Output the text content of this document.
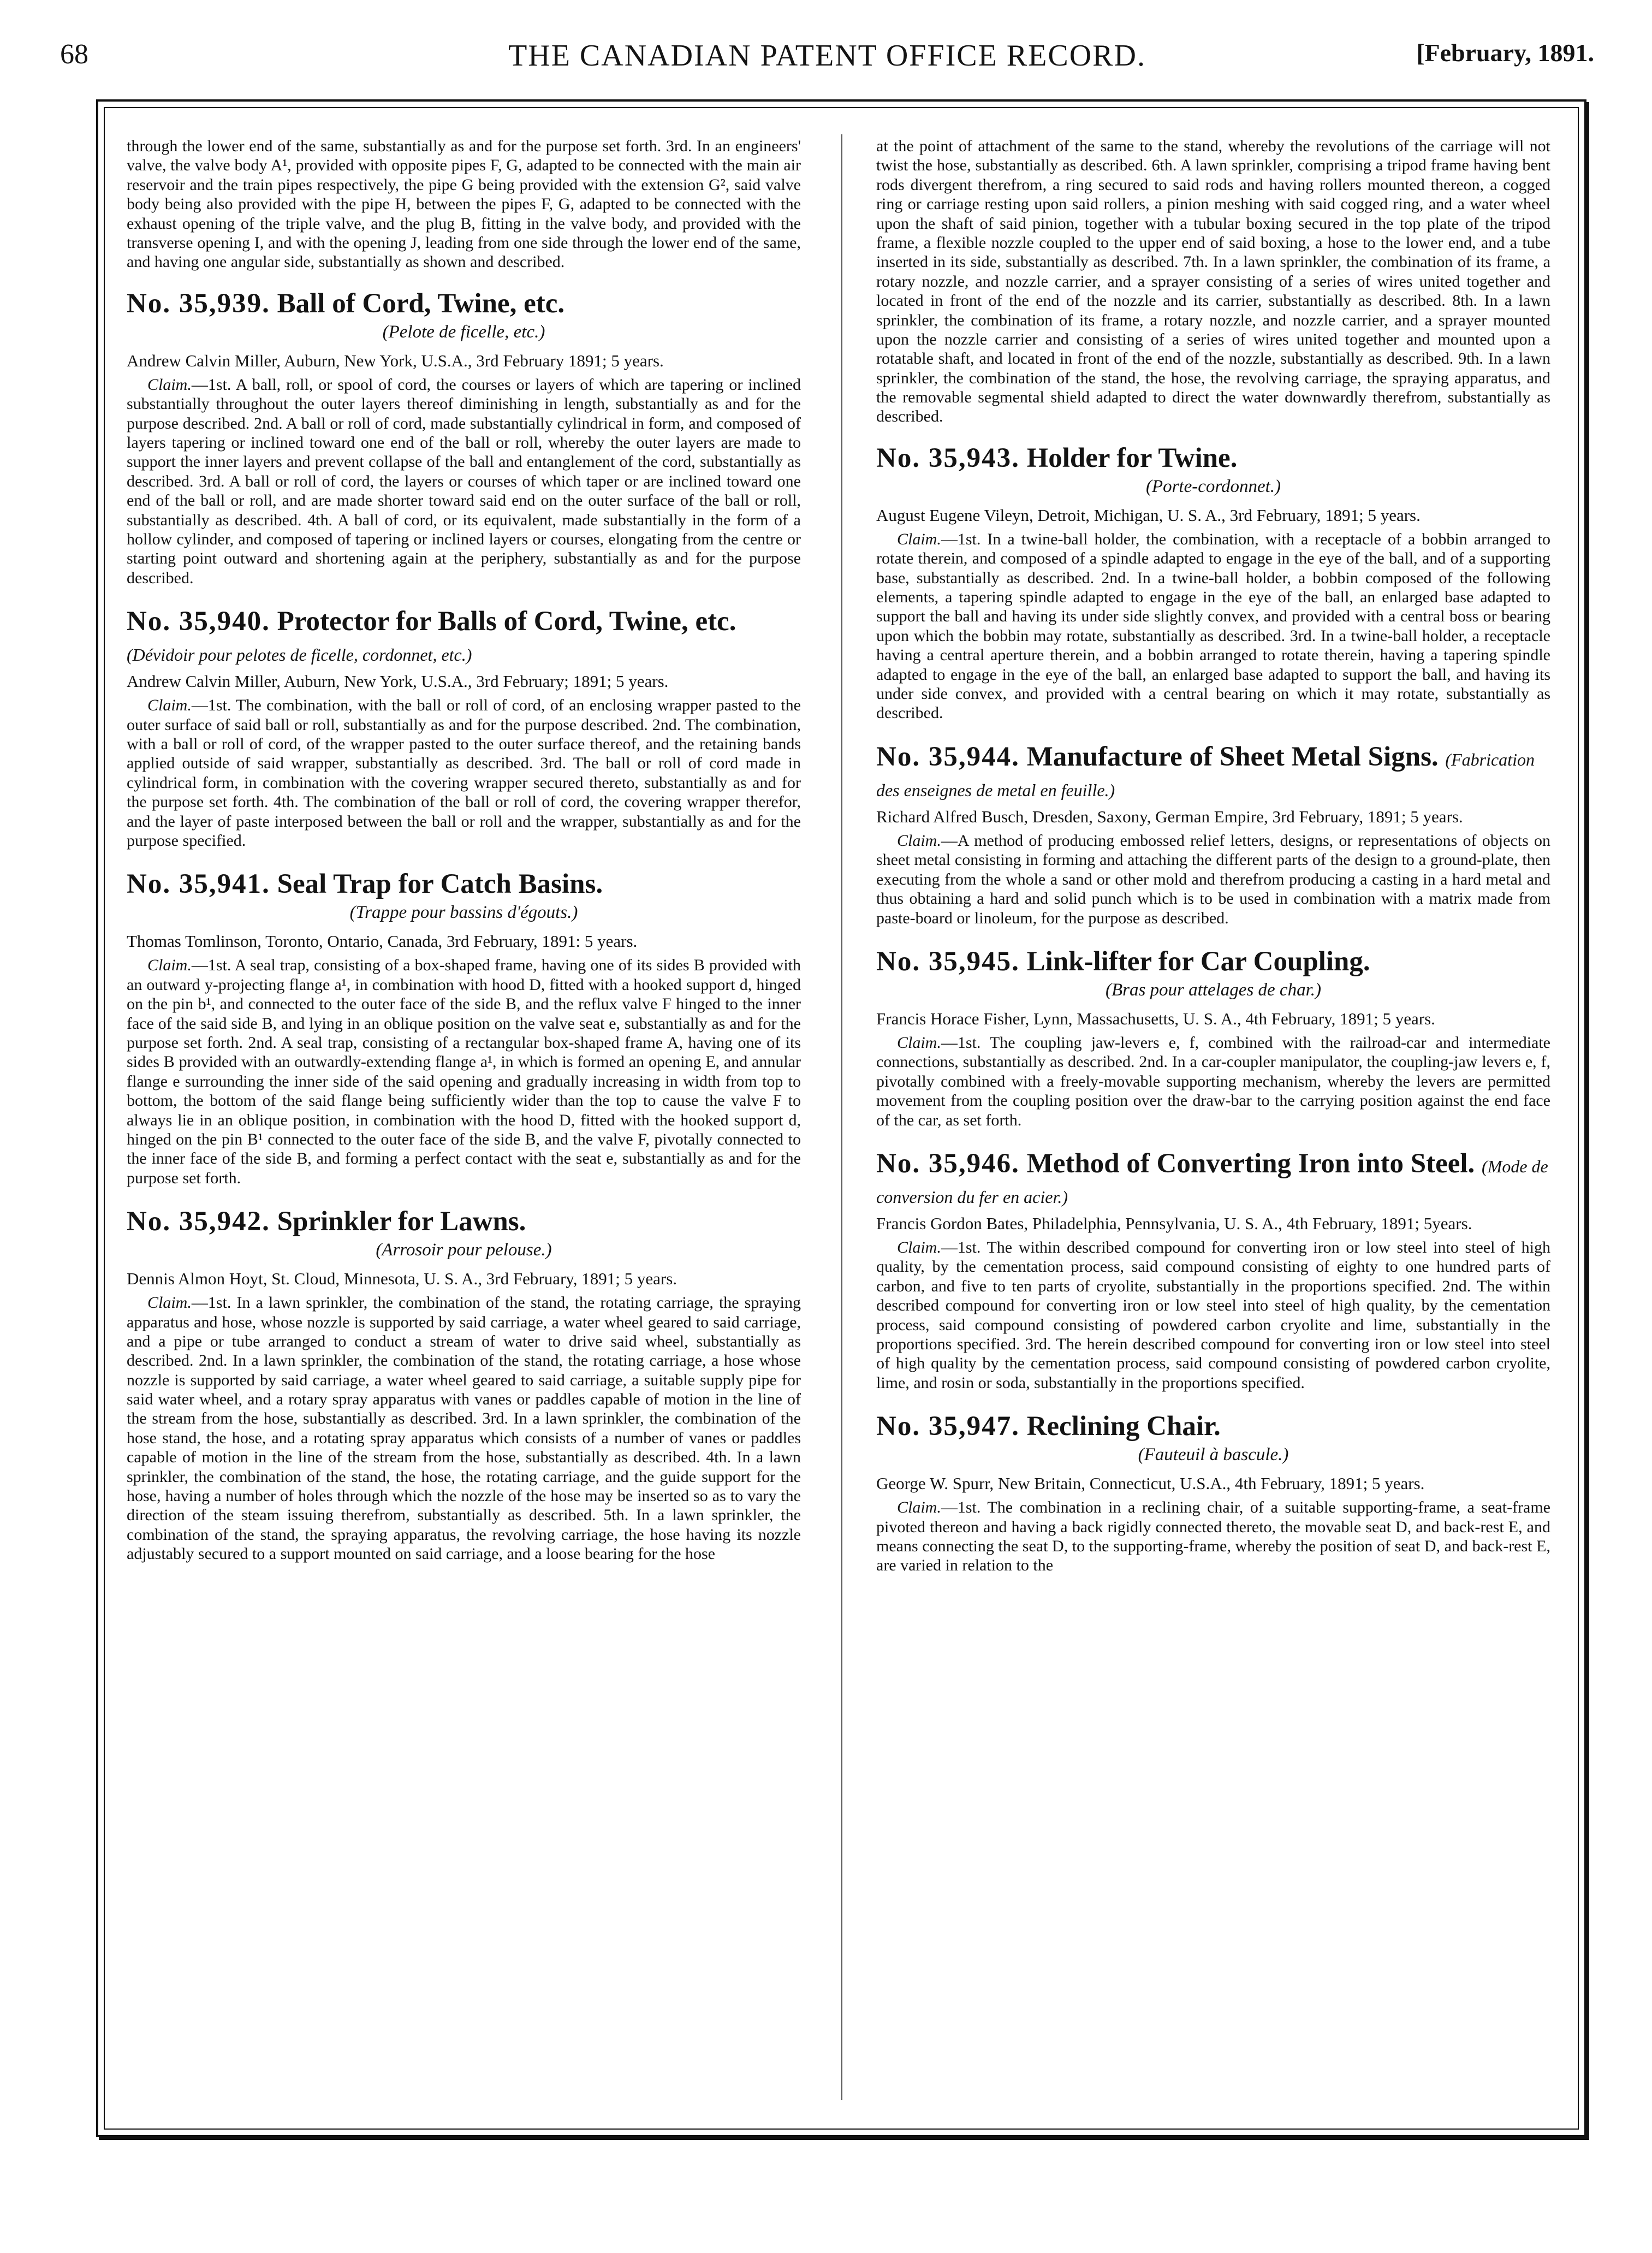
68	THE CANADIAN PATENT OFFICE RECORD.	[February, 1891.

through the lower end of the same, substantially as and for the purpose set forth. 3rd. In an engineers' valve, the valve body A¹, provided with opposite pipes F, G, adapted to be connected with the main air reservoir and the train pipes respectively, the pipe G being provided with the extension G², said valve body being also provided with the pipe H, between the pipes F, G, adapted to be connected with the exhaust opening of the triple valve, and the plug B, fitting in the valve body, and provided with the transverse opening I, and with the opening J, leading from one side through the lower end of the same, and having one angular side, substantially as shown and described.

No. 35,939. Ball of Cord, Twine, etc.
(Pelote de ficelle, etc.)

Andrew Calvin Miller, Auburn, New York, U.S.A., 3rd February 1891; 5 years.

Claim.—1st. A ball, roll, or spool of cord, the courses or layers of which are tapering or inclined substantially throughout the outer layers thereof diminishing in length, substantially as and for the purpose described. 2nd. A ball or roll of cord, made substantially cylindrical in form, and composed of layers tapering or inclined toward one end of the ball or roll, whereby the outer layers are made to support the inner layers and prevent collapse of the ball and entanglement of the cord, substantially as described. 3rd. A ball or roll of cord, the layers or courses of which taper or are inclined toward one end of the ball or roll, and are made shorter toward said end on the outer surface of the ball or roll, substantially as described. 4th. A ball of cord, or its equivalent, made substantially in the form of a hollow cylinder, and composed of tapering or inclined layers or courses, elongating from the centre or starting point outward and shortening again at the periphery, substantially as and for the purpose described.

No. 35,940. Protector for Balls of Cord, Twine, etc. (Dévidoir pour pelotes de ficelle, cordonnet, etc.)

Andrew Calvin Miller, Auburn, New York, U.S.A., 3rd February; 1891; 5 years.

Claim.—1st. The combination, with the ball or roll of cord, of an enclosing wrapper pasted to the outer surface of said ball or roll, substantially as and for the purpose described. 2nd. The combination, with a ball or roll of cord, of the wrapper pasted to the outer surface thereof, and the retaining bands applied outside of said wrapper, substantially as described. 3rd. The ball or roll of cord made in cylindrical form, in combination with the covering wrapper secured thereto, substantially as and for the purpose set forth. 4th. The combination of the ball or roll of cord, the covering wrapper therefor, and the layer of paste interposed between the ball or roll and the wrapper, substantially as and for the purpose specified.

No. 35,941. Seal Trap for Catch Basins.
(Trappe pour bassins d'égouts.)

Thomas Tomlinson, Toronto, Ontario, Canada, 3rd February, 1891: 5 years.

Claim.—1st. A seal trap, consisting of a box-shaped frame, having one of its sides B provided with an outward y-projecting flange a¹, in combination with hood D, fitted with a hooked support d, hinged on the pin b¹, and connected to the outer face of the side B, and the reflux valve F hinged to the inner face of the said side B, and lying in an oblique position on the valve seat e, substantially as and for the purpose set forth. 2nd. A seal trap, consisting of a rectangular box-shaped frame A, having one of its sides B provided with an outwardly-extending flange a¹, in which is formed an opening E, and annular flange e surrounding the inner side of the said opening and gradually increasing in width from top to bottom, the bottom of the said flange being sufficiently wider than the top to cause the valve F to always lie in an oblique position, in combination with the hood D, fitted with the hooked support d, hinged on the pin B¹ connected to the outer face of the side B, and the valve F, pivotally connected to the inner face of the side B, and forming a perfect contact with the seat e, substantially as and for the purpose set forth.

No. 35,942. Sprinkler for Lawns.
(Arrosoir pour pelouse.)

Dennis Almon Hoyt, St. Cloud, Minnesota, U. S. A., 3rd February, 1891; 5 years.

Claim.—1st. In a lawn sprinkler, the combination of the stand, the rotating carriage, the spraying apparatus and hose, whose nozzle is supported by said carriage, a water wheel geared to said carriage, and a pipe or tube arranged to conduct a stream of water to drive said wheel, substantially as described. 2nd. In a lawn sprinkler, the combination of the stand, the rotating carriage, a hose whose nozzle is supported by said carriage, a water wheel geared to said carriage, a suitable supply pipe for said water wheel, and a rotary spray apparatus with vanes or paddles capable of motion in the line of the stream from the hose, substantially as described. 3rd. In a lawn sprinkler, the combination of the hose stand, the hose, and a rotating spray apparatus which consists of a number of vanes or paddles capable of motion in the line of the stream from the hose, substantially as described. 4th. In a lawn sprinkler, the combination of the stand, the hose, the rotating carriage, and the guide support for the hose, having a number of holes through which the nozzle of the hose may be inserted so as to vary the direction of the steam issuing therefrom, substantially as described. 5th. In a lawn sprinkler, the combination of the stand, the spraying apparatus, the revolving carriage, the hose having its nozzle adjustably secured to a support mounted on said carriage, and a loose bearing for the hose

at the point of attachment of the same to the stand, whereby the revolutions of the carriage will not twist the hose, substantially as described. 6th. A lawn sprinkler, comprising a tripod frame having bent rods divergent therefrom, a ring secured to said rods and having rollers mounted thereon, a cogged ring or carriage resting upon said rollers, a pinion meshing with said cogged ring, and a water wheel upon the shaft of said pinion, together with a tubular boxing secured in the top plate of the tripod frame, a flexible nozzle coupled to the upper end of said boxing, a hose to the lower end, and a tube inserted in its side, substantially as described. 7th. In a lawn sprinkler, the combination of its frame, a rotary nozzle, and nozzle carrier, and a sprayer consisting of a series of wires united together and located in front of the end of the nozzle and its carrier, substantially as described. 8th. In a lawn sprinkler, the combination of its frame, a rotary nozzle, and nozzle carrier, and a sprayer mounted upon the nozzle carrier and consisting of a series of wires united together and mounted upon a rotatable shaft, and located in front of the end of the nozzle, substantially as described. 9th. In a lawn sprinkler, the combination of the stand, the hose, the revolving carriage, the spraying apparatus, and the removable segmental shield adapted to direct the water downwardly therefrom, substantially as described.

No. 35,943. Holder for Twine.
(Porte-cordonnet.)

August Eugene Vileyn, Detroit, Michigan, U. S. A., 3rd February, 1891; 5 years.

Claim.—1st. In a twine-ball holder, the combination, with a receptacle of a bobbin arranged to rotate therein, and composed of a spindle adapted to engage in the eye of the ball, and of a supporting base, substantially as described. 2nd. In a twine-ball holder, a bobbin composed of the following elements, a tapering spindle adapted to engage in the eye of the ball, an enlarged base adapted to support the ball and having its under side slightly convex, and provided with a central boss or bearing upon which the bobbin may rotate, substantially as described. 3rd. In a twine-ball holder, a receptacle having a central aperture therein, and a bobbin arranged to rotate therein, having a tapering spindle adapted to engage in the eye of the ball, an enlarged base adapted to support the ball, and having its under side convex, and provided with a central bearing on which it may rotate, substantially as described.

No. 35,944. Manufacture of Sheet Metal Signs. (Fabrication des enseignes de metal en feuille.)

Richard Alfred Busch, Dresden, Saxony, German Empire, 3rd February, 1891; 5 years.

Claim.—A method of producing embossed relief letters, designs, or representations of objects on sheet metal consisting in forming and attaching the different parts of the design to a ground-plate, then executing from the whole a sand or other mold and therefrom producing a casting in a hard metal and thus obtaining a hard and solid punch which is to be used in combination with a matrix made from paste-board or linoleum, for the purpose as described.

No. 35,945. Link-lifter for Car Coupling.
(Bras pour attelages de char.)

Francis Horace Fisher, Lynn, Massachusetts, U. S. A., 4th February, 1891; 5 years.

Claim.—1st. The coupling jaw-levers e, f, combined with the railroad-car and intermediate connections, substantially as described. 2nd. In a car-coupler manipulator, the coupling-jaw levers e, f, pivotally combined with a freely-movable supporting mechanism, whereby the levers are permitted movement from the coupling position over the draw-bar to the carrying position against the end face of the car, as set forth.

No. 35,946. Method of Converting Iron into Steel. (Mode de conversion du fer en acier.)

Francis Gordon Bates, Philadelphia, Pennsylvania, U. S. A., 4th February, 1891; 5years.

Claim.—1st. The within described compound for converting iron or low steel into steel of high quality, by the cementation process, said compound consisting of eighty to one hundred parts of carbon, and five to ten parts of cryolite, substantially in the proportions specified. 2nd. The within described compound for converting iron or low steel into steel of high quality, by the cementation process, said compound consisting of powdered carbon cryolite and lime, substantially in the proportions specified. 3rd. The herein described compound for converting iron or low steel into steel of high quality by the cementation process, said compound consisting of powdered carbon cryolite, lime, and rosin or soda, substantially in the proportions specified.

No. 35,947. Reclining Chair.
(Fauteuil à bascule.)

George W. Spurr, New Britain, Connecticut, U.S.A., 4th February, 1891; 5 years.

Claim.—1st. The combination in a reclining chair, of a suitable supporting-frame, a seat-frame pivoted thereon and having a back rigidly connected thereto, the movable seat D, and back-rest E, and means connecting the seat D, to the supporting-frame, whereby the position of seat D, and back-rest E, are varied in relation to the
